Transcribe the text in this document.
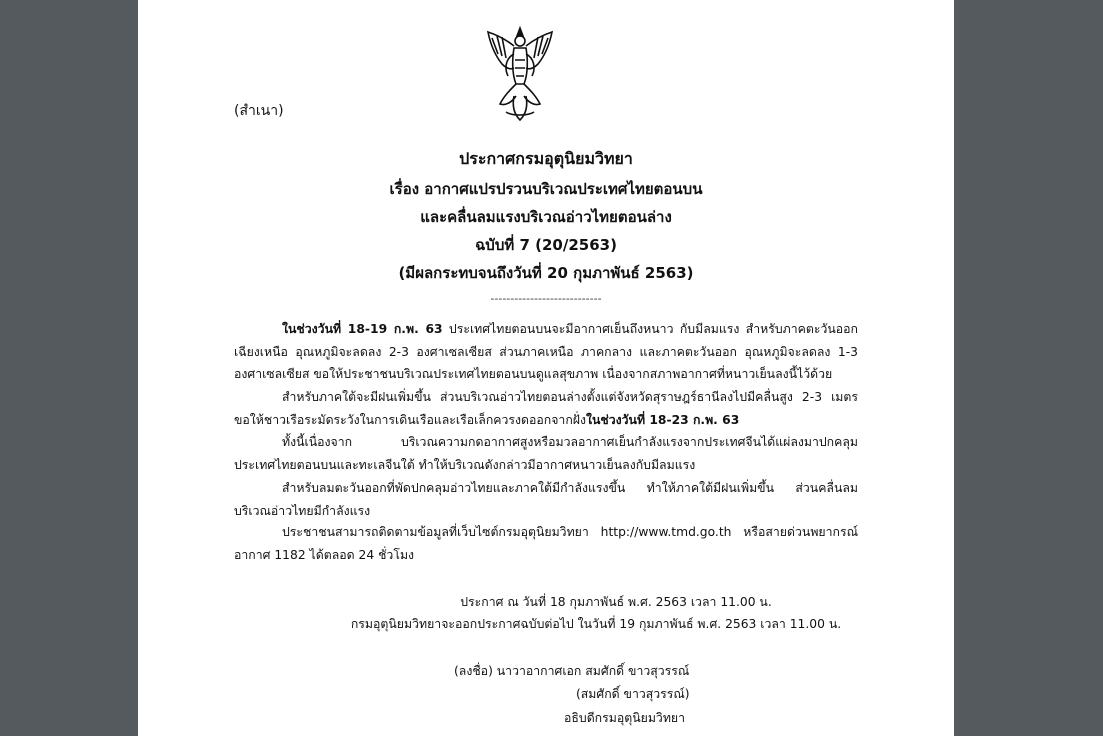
(สำเนา)
ประกาศกรมอุตุนิยมวิทยา
เรื่อง อากาศแปรปรวนบริเวณประเทศไทยตอนบน
และคลื่นลมแรงบริเวณอ่าวไทยตอนล่าง
ฉบับที่ 7 (20/2563)
(มีผลกระทบจนถึงวันที่ 20 กุมภาพันธ์ 2563)
----------------------------
ในช่วงวันที่ 18-19 ก.พ. 63 ประเทศไทยตอนบนจะมีอากาศเย็นถึงหนาว กับมีลมแรง สำหรับภาคตะวันออกเฉียงเหนือ อุณหภูมิจะลดลง 2-3 องศาเซลเซียส ส่วนภาคเหนือ ภาคกลาง และภาคตะวันออก อุณหภูมิจะลดลง 1-3 องศาเซลเซียส ขอให้ประชาชนบริเวณประเทศไทยตอนบนดูแลสุขภาพ เนื่องจากสภาพอากาศที่หนาวเย็นลงนี้ไว้ด้วย
สำหรับภาคใต้จะมีฝนเพิ่มขึ้น ส่วนบริเวณอ่าวไทยตอนล่างตั้งแต่จังหวัดสุราษฎร์ธานีลงไปมีคลื่นสูง 2-3 เมตร ขอให้ชาวเรือระมัดระวังในการเดินเรือและเรือเล็กควรงดออกจากฝั่งในช่วงวันที่ 18-23 ก.พ. 63
ทั้งนี้เนื่องจาก บริเวณความกดอากาศสูงหรือมวลอากาศเย็นกำลังแรงจากประเทศจีนได้แผ่ลงมาปกคลุมประเทศไทยตอนบนและทะเลจีนใต้ ทำให้บริเวณดังกล่าวมีอากาศหนาวเย็นลงกับมีลมแรง
สำหรับลมตะวันออกที่พัดปกคลุมอ่าวไทยและภาคใต้มีกำลังแรงขึ้น ทำให้ภาคใต้มีฝนเพิ่มขึ้น ส่วนคลื่นลมบริเวณอ่าวไทยมีกำลังแรง
ประชาชนสามารถติดตามข้อมูลที่เว็บไซต์กรมอุตุนิยมวิทยา http://www.tmd.go.th หรือสายด่วนพยากรณ์อากาศ 1182 ได้ตลอด 24 ชั่วโมง
ประกาศ ณ วันที่ 18 กุมภาพันธ์ พ.ศ. 2563 เวลา 11.00 น.
กรมอุตุนิยมวิทยาจะออกประกาศฉบับต่อไป ในวันที่ 19 กุมภาพันธ์ พ.ศ. 2563 เวลา 11.00 น.
(ลงชื่อ) นาวาอากาศเอก สมศักดิ์ ขาวสุวรรณ์
(สมศักดิ์ ขาวสุวรรณ์)
อธิบดีกรมอุตุนิยมวิทยา
